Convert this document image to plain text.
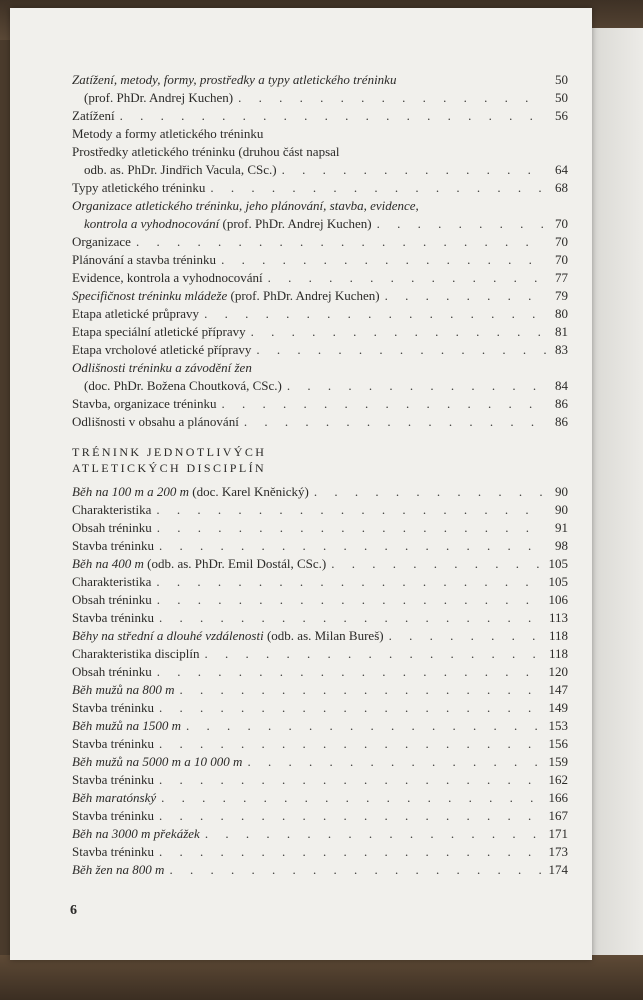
Zatížení, metody, formy, prostředky a typy atletického tréninku	50
(prof. PhDr. Andrej Kuchen) . . .	50
Zatížení . . .	56
Metody a formy atletického tréninku
Prostředky atletického tréninku (druhou část napsal
odb. as. PhDr. Jindřich Vacula, CSc.) . . .	64
Typy atletického tréninku . . .	68
Organizace atletického tréninku, jeho plánování, stavba, evidence,
kontrola a vyhodnocování (prof. PhDr. Andrej Kuchen) . . .	70
Organizace . . .	70
Plánování a stavba tréninku . . .	70
Evidence, kontrola a vyhodnocování . . .	77
Specifičnost tréninku mládeže (prof. PhDr. Andrej Kuchen) . . .	79
Etapa atletické průpravy . . .	80
Etapa speciální atletické přípravy . . .	81
Etapa vrcholové atletické přípravy . . .	83
Odlišnosti tréninku a závodění žen
(doc. PhDr. Božena Choutková, CSc.) . . .	84
Stavba, organizace tréninku . . .	86
Odlišnosti v obsahu a plánování . . .	86
TRÉNINK JEDNOTLIVÝCH
ATLETICKÝCH DISCIPLÍN
Běh na 100 m a 200 m (doc. Karel Kněnický) . . .	90
Charakteristika . . .	90
Obsah tréninku . . .	91
Stavba tréninku . . .	98
Běh na 400 m (odb. as. PhDr. Emil Dostál, CSc.) . . .	105
Charakteristika . . .	105
Obsah tréninku . . .	106
Stavba tréninku . . .	113
Běhy na střední a dlouhé vzdálenosti (odb. as. Milan Bureš) . . .	118
Charakteristika disciplín . . .	118
Obsah tréninku . . .	120
Běh mužů na 800 m . . .	147
Stavba tréninku . . .	149
Běh mužů na 1500 m . . .	153
Stavba tréninku . . .	156
Běh mužů na 5000 m a 10 000 m . . .	159
Stavba tréninku . . .	162
Běh maratónský . . .	166
Stavba tréninku . . .	167
Běh na 3000 m překážek . . .	171
Stavba tréninku . . .	173
Běh žen na 800 m . . .	174
6
